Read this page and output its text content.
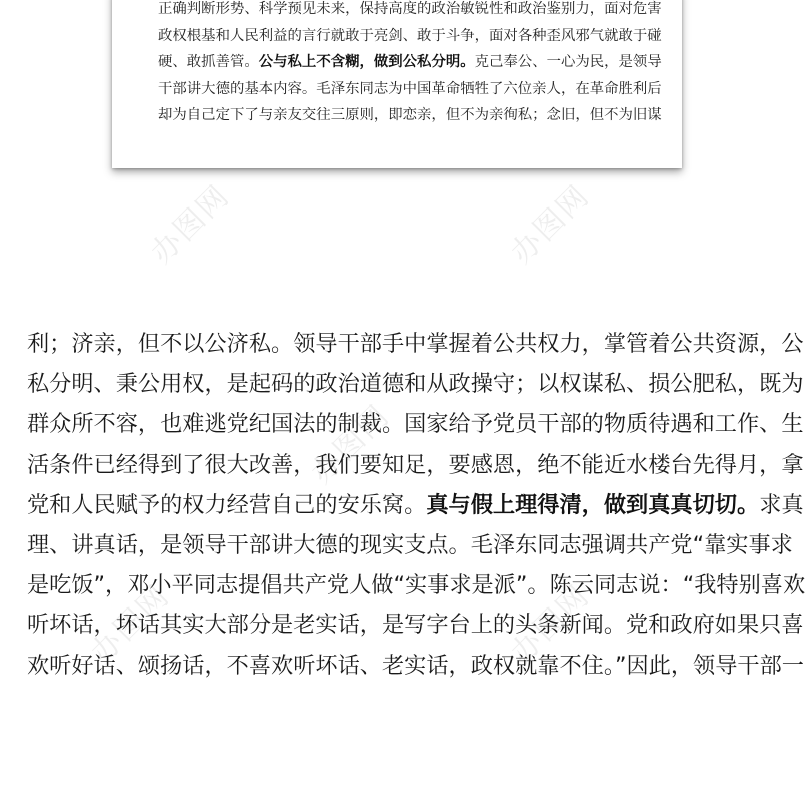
办图网	办图网
办图网
办图网	办图网
正确判断形势、科学预见未来，保持高度的政治敏锐性和政治鉴别力，面对危害
政权根基和人民利益的言行就敢于亮剑、敢于斗争，面对各种歪风邪气就敢于碰
硬、敢抓善管。公与私上不含糊，做到公私分明。克己奉公、一心为民，是领导
干部讲大德的基本内容。毛泽东同志为中国革命牺牲了六位亲人，在革命胜利后
却为自己定下了与亲友交往三原则，即恋亲，但不为亲徇私；念旧，但不为旧谋
利；济亲，但不以公济私。领导干部手中掌握着公共权力，掌管着公共资源，公
私分明、秉公用权，是起码的政治道德和从政操守；以权谋私、损公肥私，既为
群众所不容，也难逃党纪国法的制裁。国家给予党员干部的物质待遇和工作、生
活条件已经得到了很大改善，我们要知足，要感恩，绝不能近水楼台先得月，拿
党和人民赋予的权力经营自己的安乐窝。真与假上理得清，做到真真切切。求真
理、讲真话，是领导干部讲大德的现实支点。毛泽东同志强调共产党“靠实事求
是吃饭”，邓小平同志提倡共产党人做“实事求是派”。陈云同志说：“我特别喜欢
听坏话，坏话其实大部分是老实话，是写字台上的头条新闻。党和政府如果只喜
欢听好话、颂扬话，不喜欢听坏话、老实话，政权就靠不住。”因此，领导干部一
